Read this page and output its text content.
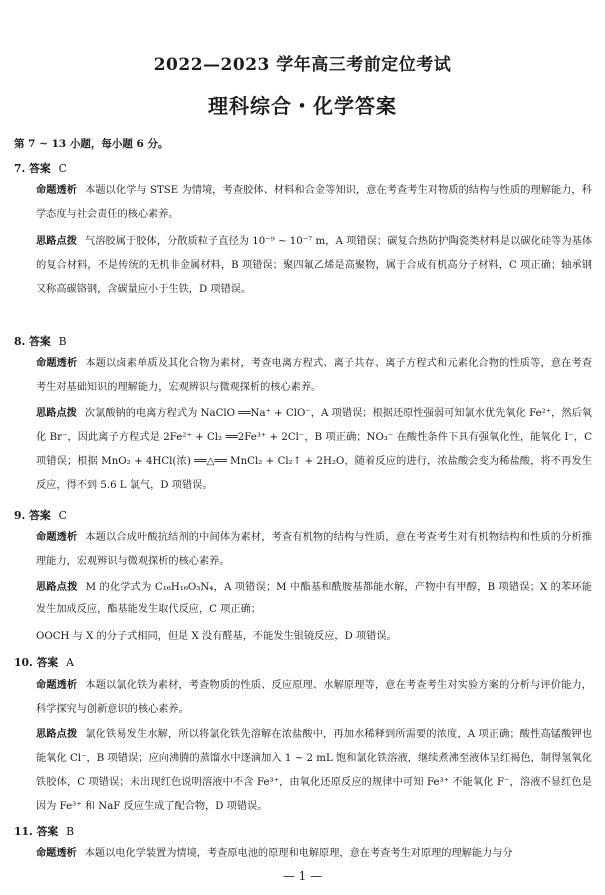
2022—2023 学年高三考前定位考试
理科综合・化学答案
第 7 ~ 13 小题，每小题 6 分。
7. 答案 C
命题透析 本题以化学与 STSE 为情境，考查胶体、材料和合金等知识，意在考查考生对物质的结构与性质的理解能力，科学态度与社会责任的核心素养。
思路点拨 气溶胶属于胶体，分散质粒子直径为 10⁻⁹ ~ 10⁻⁷ m，A 项错误；碳复合热防护陶瓷类材料是以碳化硅等为基体的复合材料，不是传统的无机非金属材料，B 项错误；聚四氟乙烯是高聚物，属于合成有机高分子材料，C 项正确；轴承钢又称高碳铬钢，含碳量应小于生铁，D 项错误。
8. 答案 B
命题透析 本题以卤素单质及其化合物为素材，考查电离方程式、离子共存、离子方程式和元素化合物的性质等，意在考查考生对基础知识的理解能力，宏观辨识与微观探析的核心素养。
思路点拨 次氯酸钠的电离方程式为 NaClO ══Na⁺ + ClO⁻，A 项错误；根据还原性强弱可知氯水优先氧化 Fe²⁺，然后氧化 Br⁻，因此离子方程式是 2Fe²⁺ + Cl₂ ══2Fe³⁺ + 2Cl⁻，B 项正确；NO₃⁻ 在酸性条件下具有强氧化性，能氧化 I⁻，C 项错误；根据 MnO₂ + 4HCl(浓) ══△══ MnCl₂ + Cl₂↑ + 2H₂O，随着反应的进行，浓盐酸会变为稀盐酸，将不再发生反应，得不到 5.6 L 氯气，D 项错误。
9. 答案 C
命题透析 本题以合成叶酸抗结剂的中间体为素材，考查有机物的结构与性质，意在考查考生对有机物结构和性质的分析推理能力，宏观辨识与微观探析的核心素养。
思路点拨 M 的化学式为 C₁₆H₁₆O₃N₄，A 项错误；M 中酯基和酰胺基都能水解，产物中有甲醇，B 项错误；X 的苯环能发生加成反应，酯基能发生取代反应，C 项正确；
OOCH 与 X 的分子式相同，但是 X 没有醛基，不能发生银镜反应，D 项错误。
10. 答案 A
命题透析 本题以氯化铁为素材，考查物质的性质、反应原理、水解原理等，意在考查考生对实验方案的分析与评价能力，科学探究与创新意识的核心素养。
思路点拨 氯化铁易发生水解，所以将氯化铁先溶解在浓盐酸中，再加水稀释到所需要的浓度，A 项正确；酸性高锰酸钾也能氧化 Cl⁻，B 项错误；应向沸腾的蒸馏水中逐滴加入 1 ~ 2 mL 饱和氯化铁溶液，继续煮沸至液体呈红褐色，制得氢氧化铁胶体，C 项错误；未出现红色说明溶液中不含 Fe³⁺，由氧化还原反应的规律中可知 Fe³⁺ 不能氧化 F⁻，溶液不显红色是因为 Fe³⁺ 和 NaF 反应生成了配合物，D 项错误。
11. 答案 B
命题透析 本题以电化学装置为情境，考查原电池的原理和电解原理，意在考查考生对原理的理解能力与分
— 1 —
